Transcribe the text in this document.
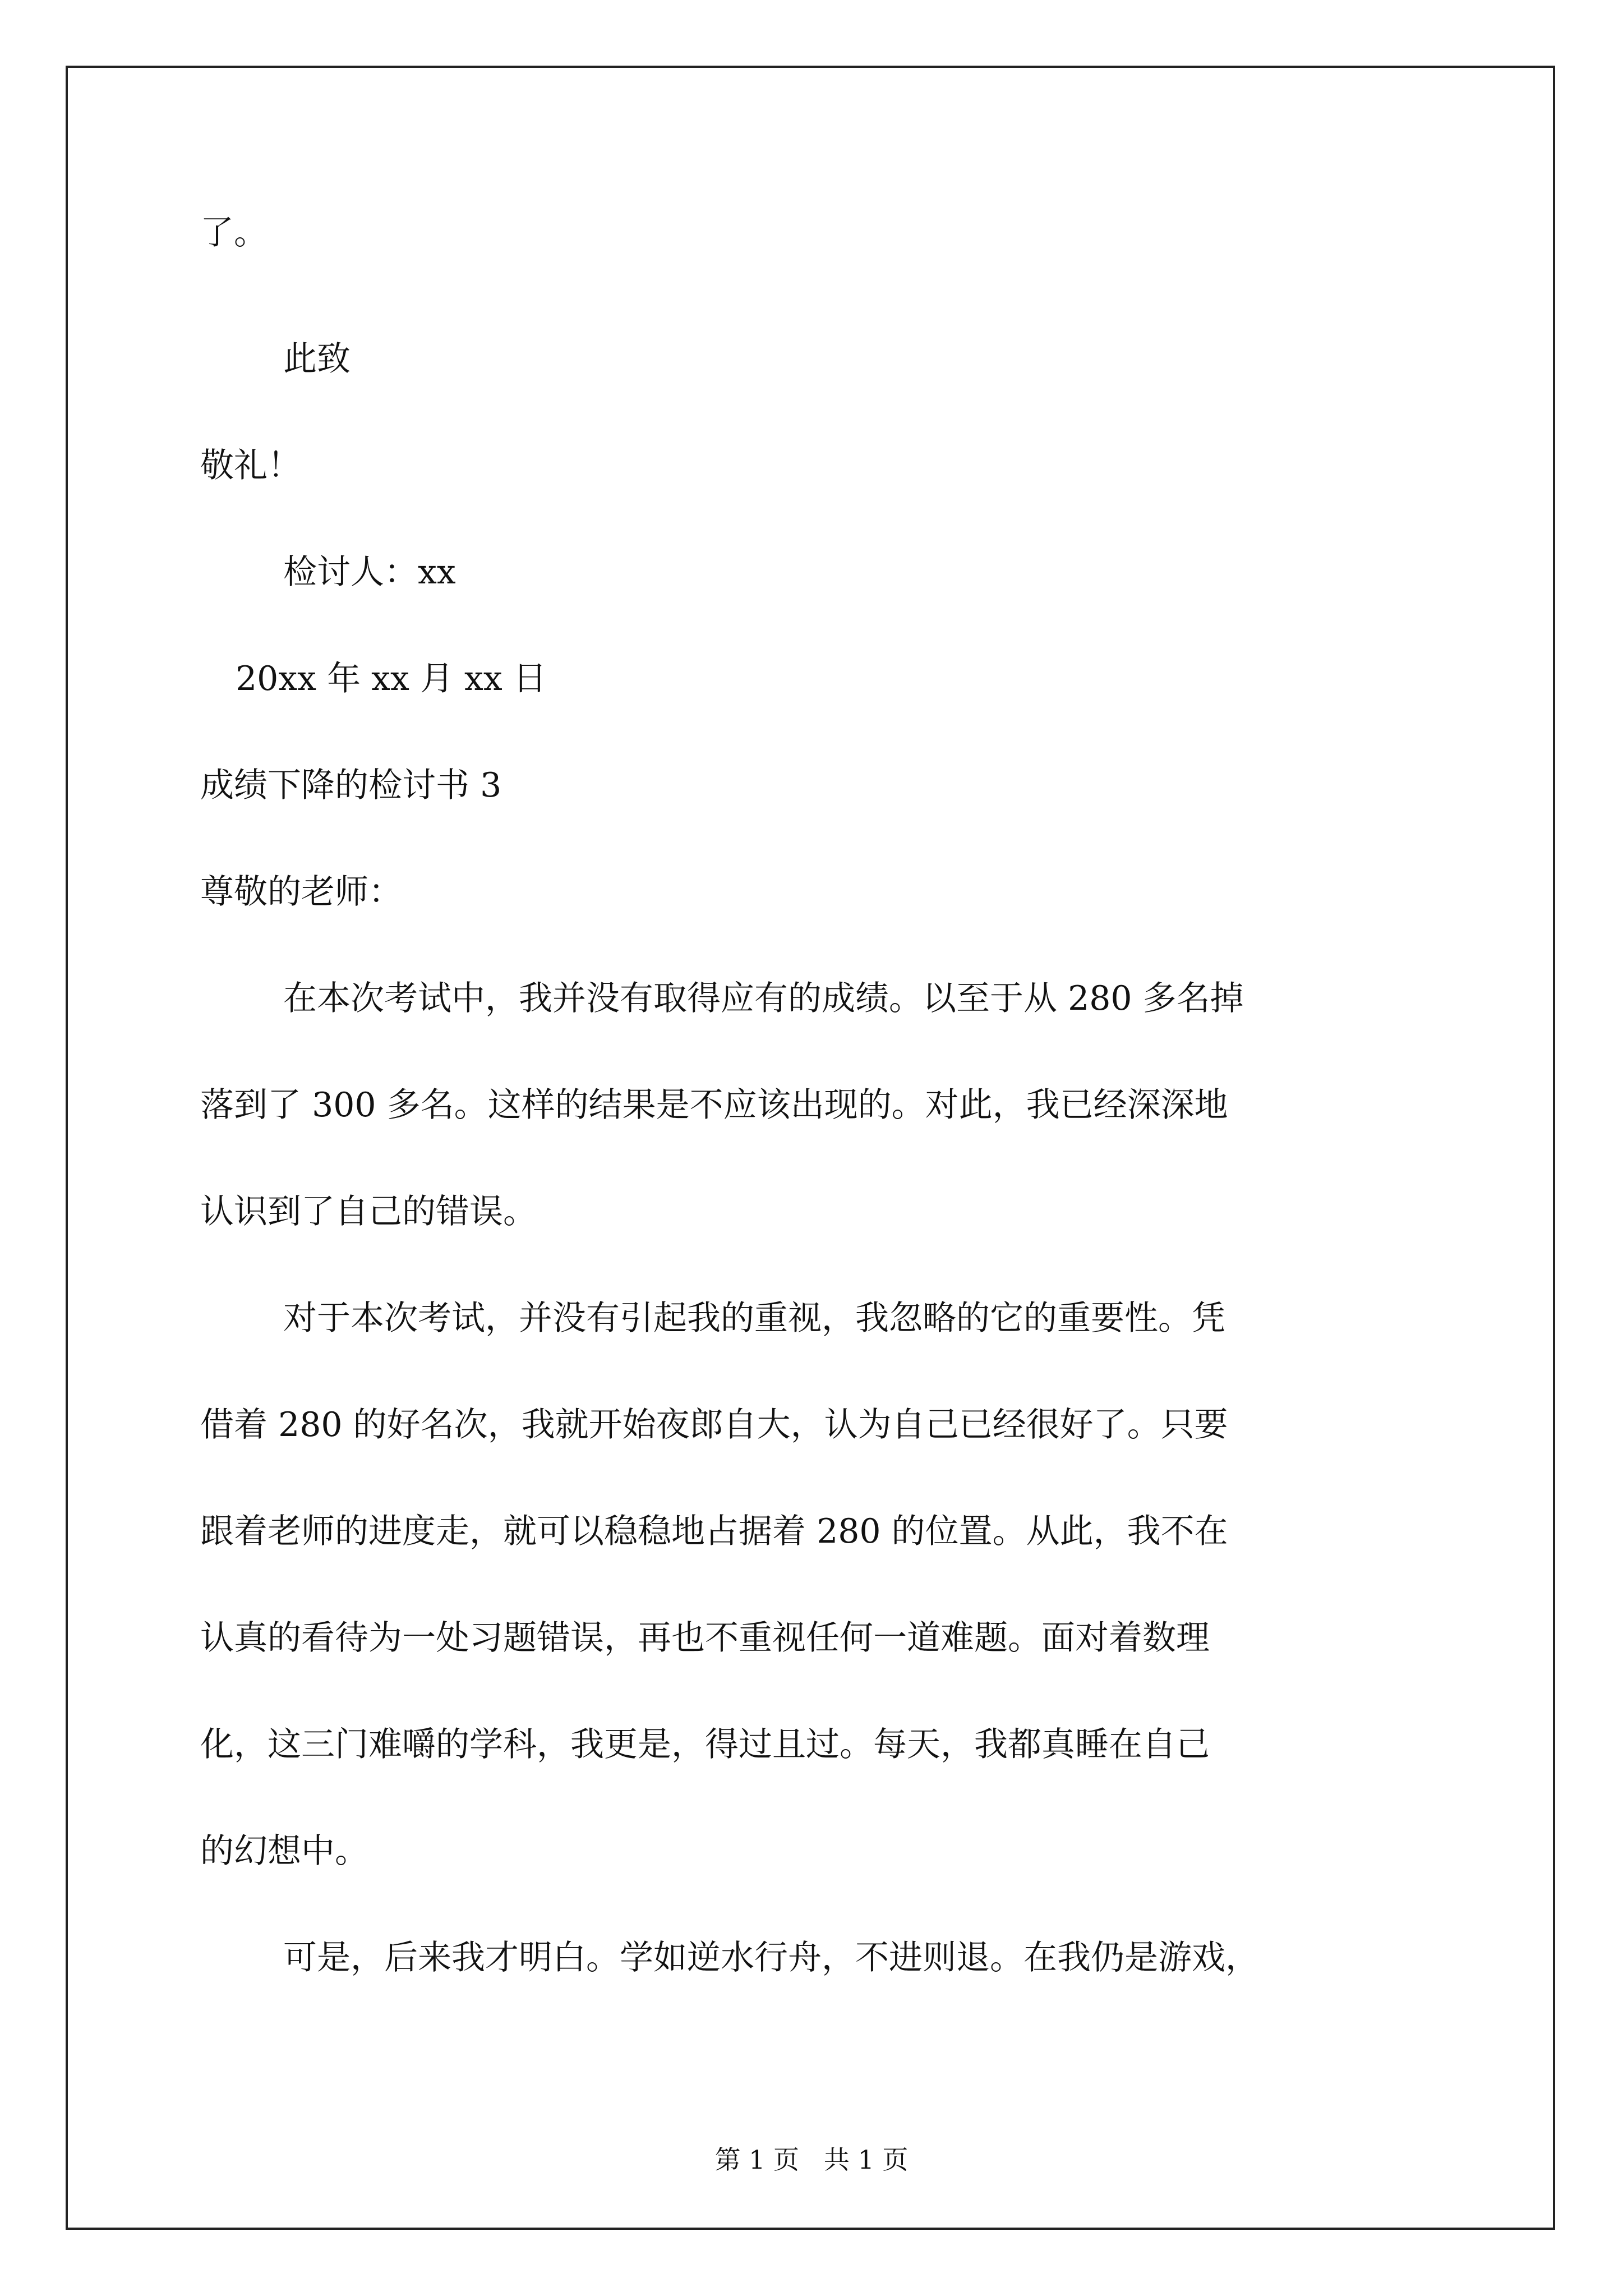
了。

此致

敬礼！

检讨人：xx

20xx 年 xx 月 xx 日

成绩下降的检讨书 3

尊敬的老师：

在本次考试中，我并没有取得应有的成绩。以至于从 280 多名掉

落到了 300 多名。这样的结果是不应该出现的。对此，我已经深深地

认识到了自己的错误。

对于本次考试，并没有引起我的重视，我忽略的它的重要性。凭

借着 280 的好名次，我就开始夜郎自大，认为自己已经很好了。只要

跟着老师的进度走，就可以稳稳地占据着 280 的位置。从此，我不在

认真的看待为一处习题错误，再也不重视任何一道难题。面对着数理

化，这三门难嚼的学科，我更是，得过且过。每天，我都真睡在自己

的幻想中。

可是，后来我才明白。学如逆水行舟，不进则退。在我仍是游戏，

第 1 页   共 1 页
